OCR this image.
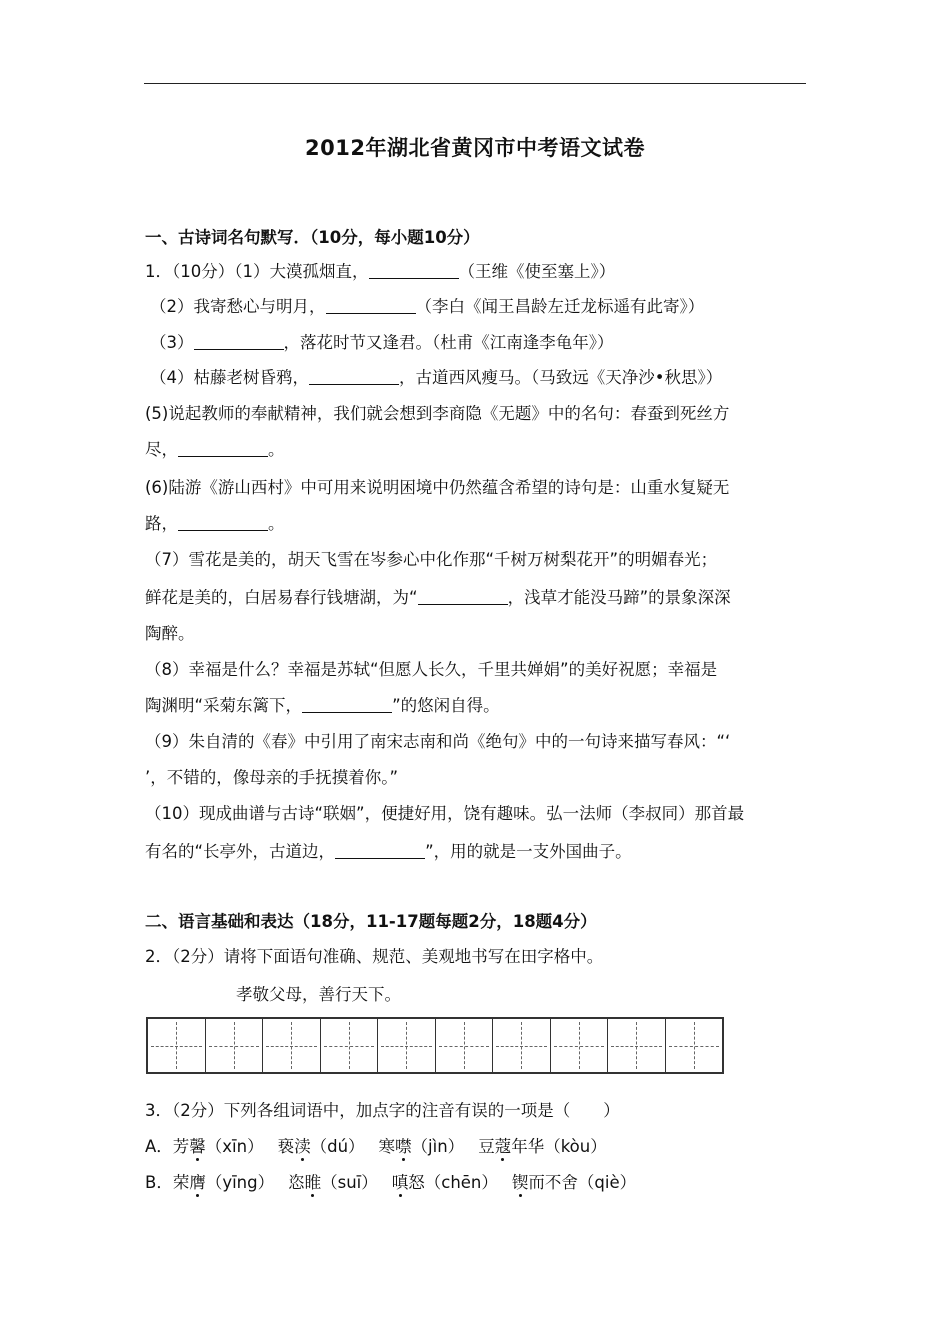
2012年湖北省黄冈市中考语文试卷
一、古诗词名句默写．（10分，每小题10分）
1．（10分）（1）大漠孤烟直，	（王维《使至塞上》）
（2）我寄愁心与明月，	（李白《闻王昌龄左迁龙标遥有此寄》）
（3）	，落花时节又逢君。（杜甫《江南逢李龟年》）
（4）枯藤老树昏鸦，	，古道西风瘦马。（马致远《天净沙•秋思》）
(5)说起教师的奉献精神，我们就会想到李商隐《无题》中的名句：春蚕到死丝方
尽，	。
(6)陆游《游山西村》中可用来说明困境中仍然蕴含希望的诗句是：山重水复疑无
路，	。
（7）雪花是美的，胡天飞雪在岑参心中化作那“千树万树梨花开”的明媚春光；
鲜花是美的，白居易春行钱塘湖，为“	，浅草才能没马蹄”的景象深深
陶醉。
（8）幸福是什么？幸福是苏轼“但愿人长久，千里共婵娟”的美好祝愿；幸福是
陶渊明“采菊东篱下，	”的悠闲自得。
（9）朱自清的《春》中引用了南宋志南和尚《绝句》中的一句诗来描写春风：“‘
’，不错的，像母亲的手抚摸着你。”
（10）现成曲谱与古诗“联姻”，便捷好用，饶有趣味。弘一法师（李叔同）那首最
有名的“长亭外，古道边，	”，用的就是一支外国曲子。
二、语言基础和表达（18分，11-17题每题2分，18题4分）
2．（2分）请将下面语句准确、规范、美观地书写在田字格中。
孝敬父母，善行天下。
3．（2分）下列各组词语中，加点字的注音有误的一项是（　　）
A．芳馨（xīn） 亵渎（dú） 寒噤（jìn） 豆蔻年华（kòu）
B．荣膺（yīng） 恣睢（suī） 嗔怒（chēn） 锲而不舍（qiè）
